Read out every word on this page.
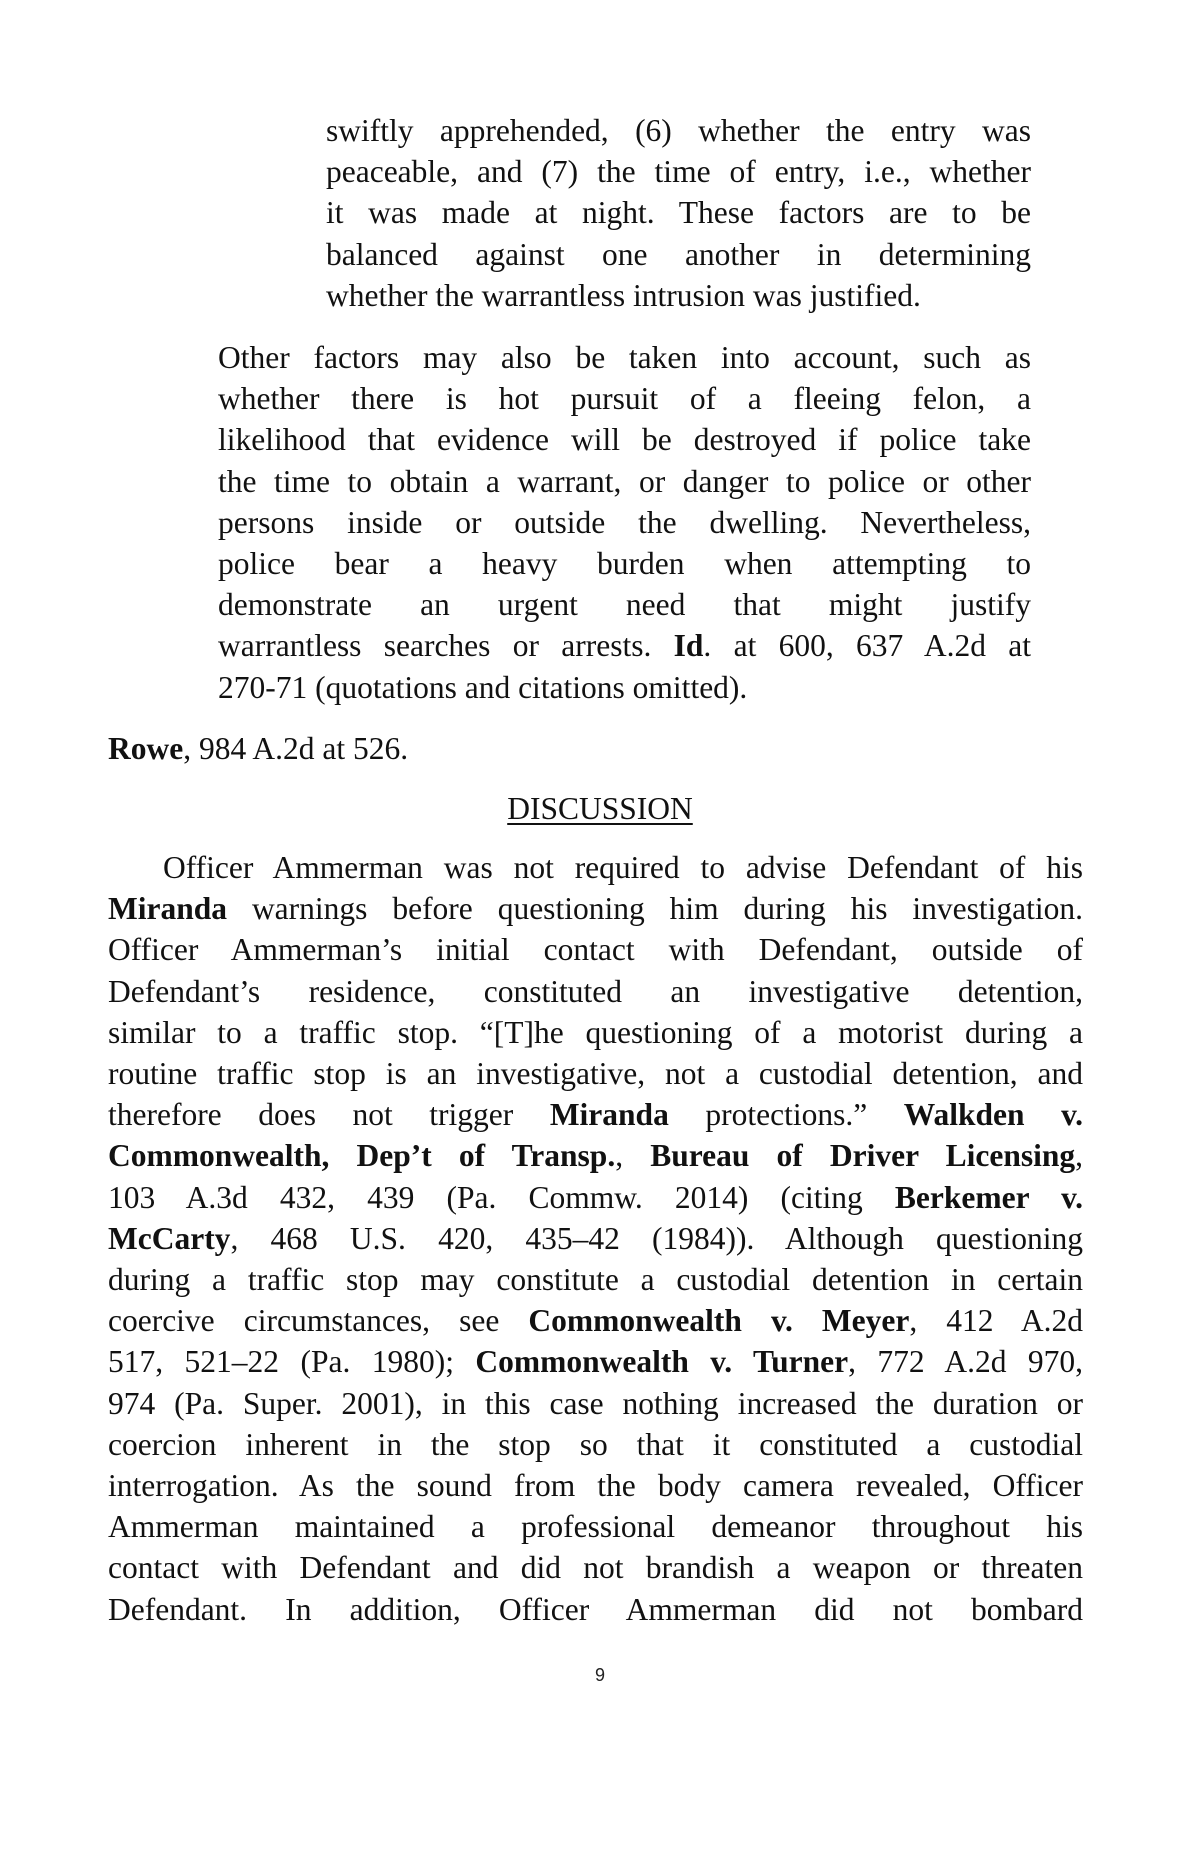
swiftly apprehended, (6) whether the entry was
peaceable, and (7) the time of entry, i.e., whether
it was made at night. These factors are to be
balanced against one another in determining
whether the warrantless intrusion was justified.
Other factors may also be taken into account, such as
whether there is hot pursuit of a fleeing felon, a
likelihood that evidence will be destroyed if police take
the time to obtain a warrant, or danger to police or other
persons inside or outside the dwelling. Nevertheless,
police bear a heavy burden when attempting to
demonstrate an urgent need that might justify
warrantless searches or arrests. Id. at 600, 637 A.2d at
270-71 (quotations and citations omitted).
Rowe, 984 A.2d at 526.
DISCUSSION
Officer Ammerman was not required to advise Defendant of his
Miranda warnings before questioning him during his investigation.
Officer Ammerman’s initial contact with Defendant, outside of
Defendant’s residence, constituted an investigative detention,
similar to a traffic stop. “[T]he questioning of a motorist during a
routine traffic stop is an investigative, not a custodial detention, and
therefore does not trigger Miranda protections.” Walkden v.
Commonwealth, Dep’t of Transp., Bureau of Driver Licensing,
103 A.3d 432, 439 (Pa. Commw. 2014) (citing Berkemer v.
McCarty, 468 U.S. 420, 435–42 (1984)). Although questioning
during a traffic stop may constitute a custodial detention in certain
coercive circumstances, see Commonwealth v. Meyer, 412 A.2d
517, 521–22 (Pa. 1980); Commonwealth v. Turner, 772 A.2d 970,
974 (Pa. Super. 2001), in this case nothing increased the duration or
coercion inherent in the stop so that it constituted a custodial
interrogation. As the sound from the body camera revealed, Officer
Ammerman maintained a professional demeanor throughout his
contact with Defendant and did not brandish a weapon or threaten
Defendant. In addition, Officer Ammerman did not bombard
9
